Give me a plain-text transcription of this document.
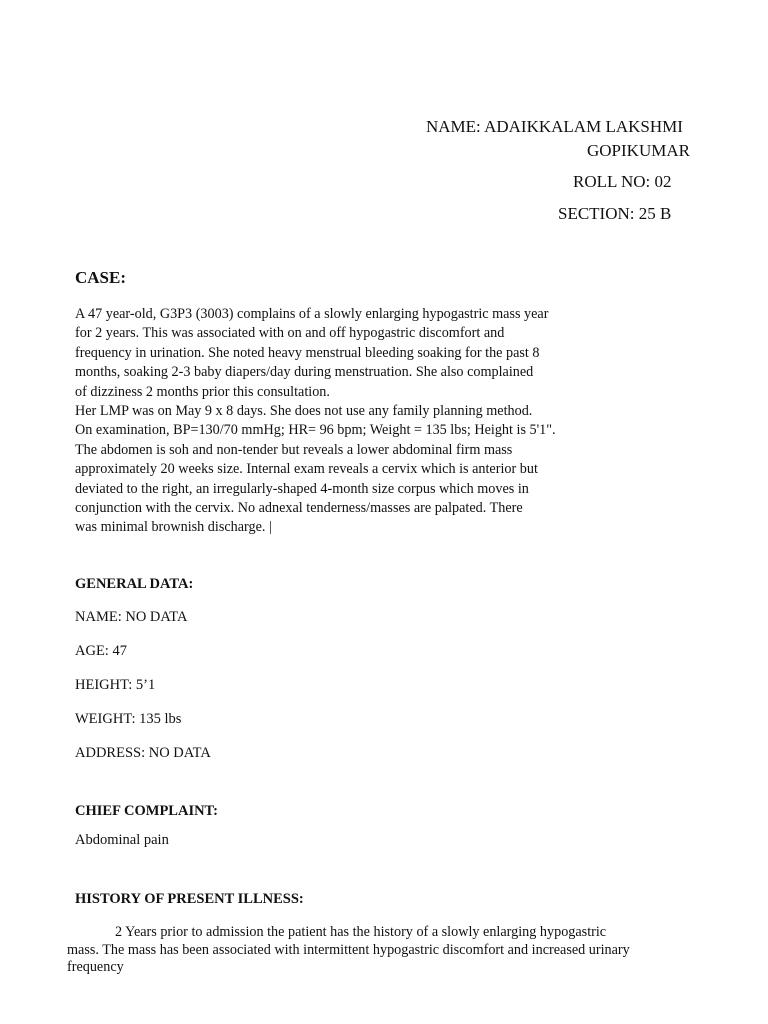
NAME: ADAIKKALAM LAKSHMI
GOPIKUMAR
ROLL NO: 02
SECTION: 25 B
CASE:
A 47 year-old, G3P3 (3003) complains of a slowly enlarging hypogastric mass year
for 2 years. This was associated with on and off hypogastric discomfort and
frequency in urination. She noted heavy menstrual bleeding soaking for the past 8
months, soaking 2-3 baby diapers/day during menstruation. She also complained
of dizziness 2 months prior this consultation.
Her LMP was on May 9 x 8 days. She does not use any family planning method.
On examination, BP=130/70 mmHg; HR= 96 bpm; Weight = 135 lbs; Height is 5'1".
The abdomen is soh and non-tender but reveals a lower abdominal firm mass
approximately 20 weeks size. Internal exam reveals a cervix which is anterior but
deviated to the right, an irregularly-shaped 4-month size corpus which moves in
conjunction with the cervix. No adnexal tenderness/masses are palpated. There
was minimal brownish discharge. |
GENERAL DATA:
NAME: NO DATA
AGE: 47
HEIGHT: 5’1
WEIGHT: 135 lbs
ADDRESS: NO DATA
CHIEF COMPLAINT:
Abdominal pain
HISTORY OF PRESENT ILLNESS:
2 Years prior to admission the patient has the history of a slowly enlarging hypogastric
mass. The mass has been associated with intermittent hypogastric discomfort and increased urinary
frequency
